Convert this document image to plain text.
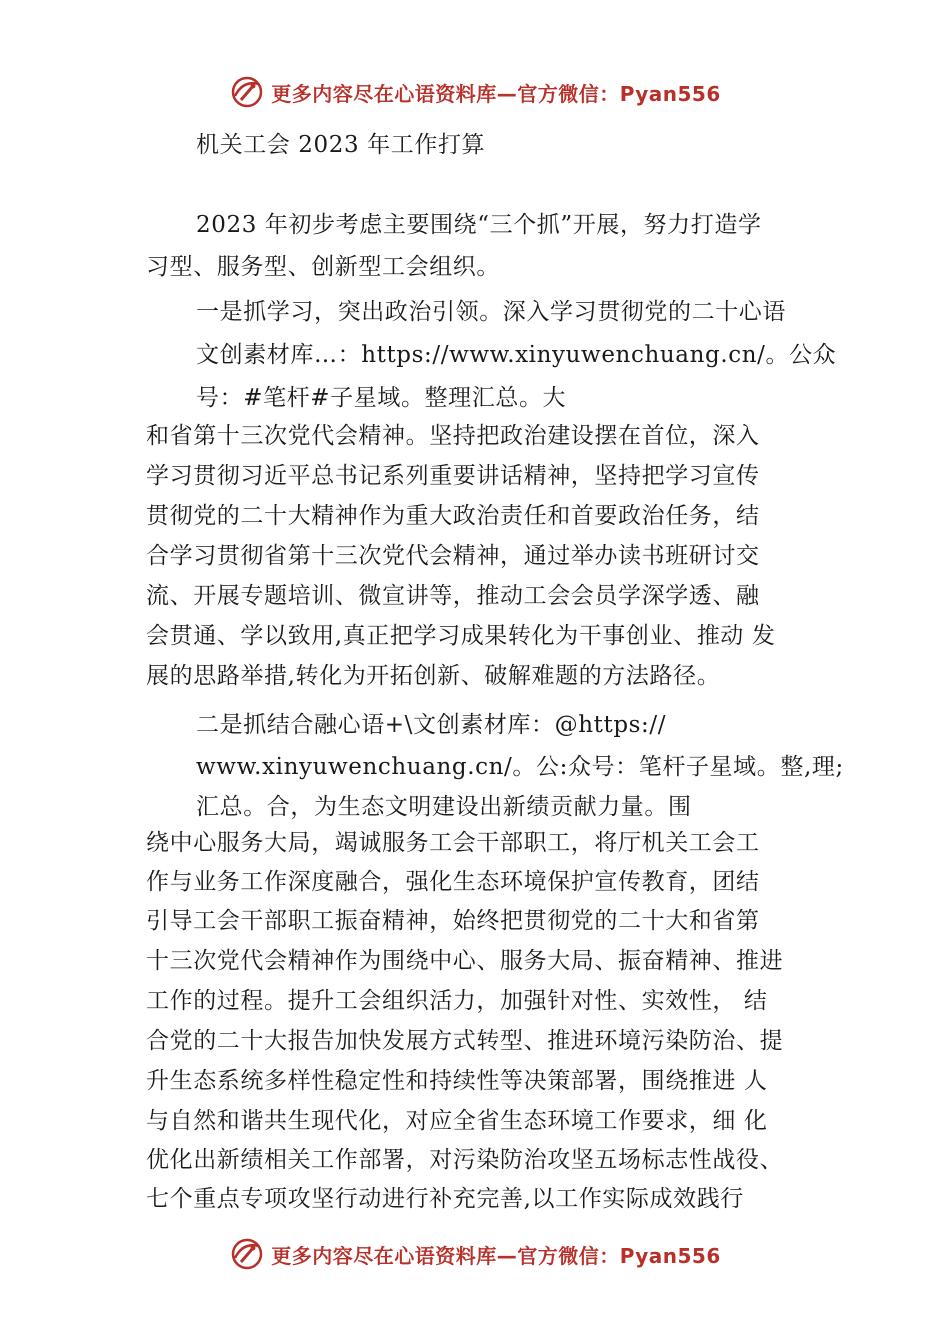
更多内容尽在心语资料库—官方微信：Pyan556
机关工会 2023 年工作打算
2023 年初步考虑主要围绕“三个抓”开展，努力打造学
习型、服务型、创新型工会组织。
一是抓学习，突出政治引领。深入学习贯彻党的二十心语
文创素材库…：https://www.xinyuwenchuang.cn/。公众
号：#笔杆#子星域。整理汇总。大
和省第十三次党代会精神。坚持把政治建设摆在首位，深入
学习贯彻习近平总书记系列重要讲话精神，坚持把学习宣传
贯彻党的二十大精神作为重大政治责任和首要政治任务，结
合学习贯彻省第十三次党代会精神，通过举办读书班研讨交
流、开展专题培训、微宣讲等，推动工会会员学深学透、融
会贯通、学以致用,真正把学习成果转化为干事创业、推动 发
展的思路举措,转化为开拓创新、破解难题的方法路径。
二是抓结合融心语+\文创素材库：@https://
www.xinyuwenchuang.cn/。公:众号：笔杆子星域。整,理;
汇总。合，为生态文明建设出新绩贡献力量。围
绕中心服务大局，竭诚服务工会干部职工，将厅机关工会工
作与业务工作深度融合，强化生态环境保护宣传教育，团结
引导工会干部职工振奋精神，始终把贯彻党的二十大和省第
十三次党代会精神作为围绕中心、服务大局、振奋精神、推进
工作的过程。提升工会组织活力，加强针对性、实效性， 结
合党的二十大报告加快发展方式转型、推进环境污染防治、提
升生态系统多样性稳定性和持续性等决策部署，围绕推进 人
与自然和谐共生现代化，对应全省生态环境工作要求，细 化
优化出新绩相关工作部署，对污染防治攻坚五场标志性战役、
七个重点专项攻坚行动进行补充完善,以工作实际成效践行
更多内容尽在心语资料库—官方微信：Pyan556
